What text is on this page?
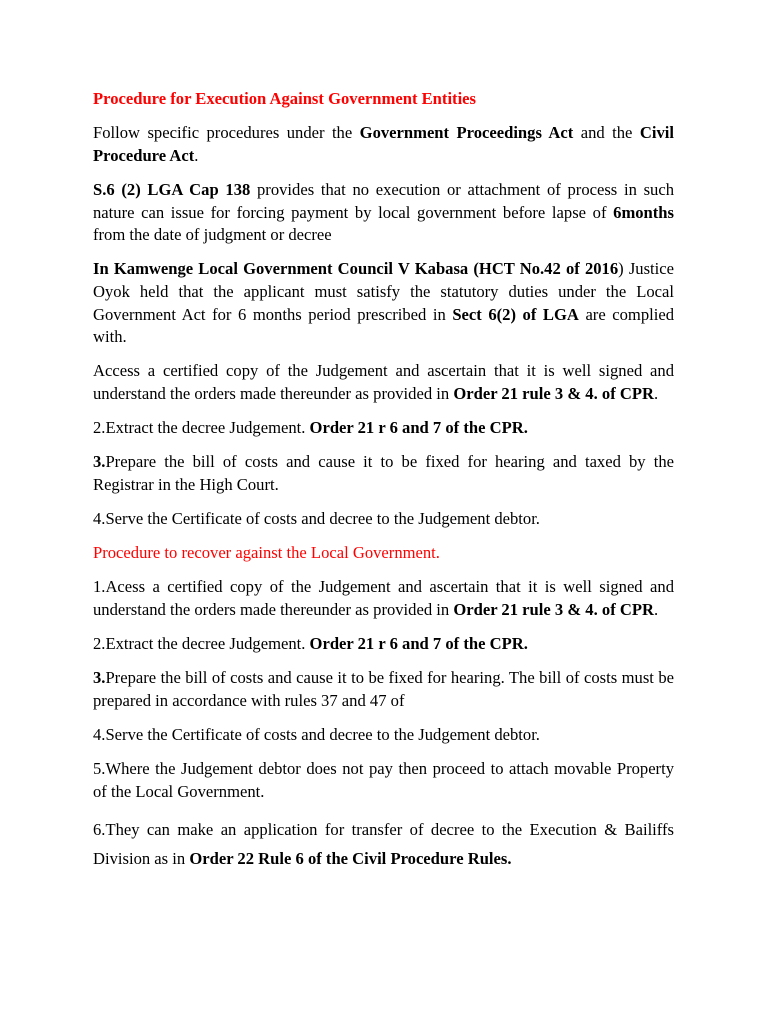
Procedure for Execution Against Government Entities

Follow specific procedures under the Government Proceedings Act and the Civil Procedure Act.

S.6 (2) LGA Cap 138 provides that no execution or attachment of process in such nature can issue for forcing payment by local government before lapse of 6months from the date of judgment or decree

In Kamwenge Local Government Council V Kabasa (HCT No.42 of 2016) Justice Oyok held that the applicant must satisfy the statutory duties under the Local Government Act for 6 months period prescribed in Sect 6(2) of LGA are complied with.

Access a certified copy of the Judgement and ascertain that it is well signed and understand the orders made thereunder as provided in Order 21 rule 3 & 4. of CPR.

2.Extract the decree Judgement. Order 21 r 6 and 7 of the CPR.

3.Prepare the bill of costs and cause it to be fixed for hearing and taxed by the Registrar in the High Court.

4.Serve the Certificate of costs and decree to the Judgement debtor.

Procedure to recover against the Local Government.

1.Acess a certified copy of the Judgement and ascertain that it is well signed and understand the orders made thereunder as provided in Order 21 rule 3 & 4. of CPR.

2.Extract the decree Judgement. Order 21 r 6 and 7 of the CPR.

3.Prepare the bill of costs and cause it to be fixed for hearing. The bill of costs must be prepared in accordance with rules 37 and 47 of

4.Serve the Certificate of costs and decree to the Judgement debtor.

5.Where the Judgement debtor does not pay then proceed to attach movable Property of the Local Government.

6.They can make an application for transfer of decree to the Execution & Bailiffs Division as in Order 22 Rule 6 of the Civil Procedure Rules.
